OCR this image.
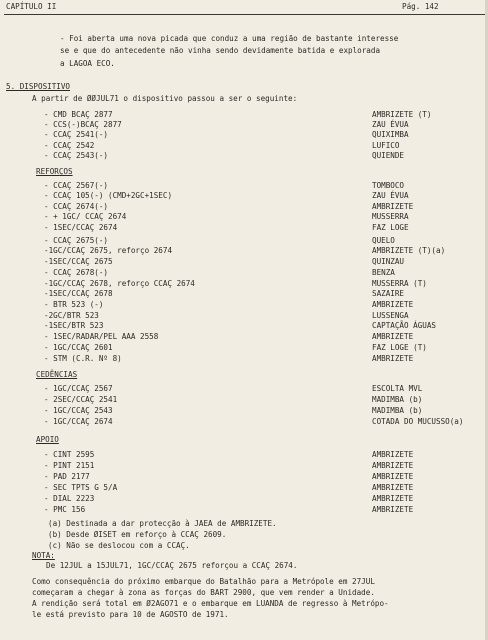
CAPÍTULO II	Pág. 142
- Foi aberta uma nova picada que conduz a uma região de bastante interesse
se e que do antecedente não vinha sendo devidamente batida e explorada
a LAGOA ECO.
5. DISPOSITIVO
A partir de ØØJUL71 o dispositivo passou a ser o seguinte:
- CMD BCAÇ 2877	AMBRIZETE (T)
- CCS(-)BCAÇ 2877	ZAU ÉVUA
- CCAÇ 2541(-)	QUIXIMBA
- CCAÇ 2542	LUFICO
- CCAÇ 2543(-)	QUIENDE
REFORÇOS
- CCAÇ 2567(-)	TOMBOCO
- CCAÇ 105(-) (CMD+2GC+1SEC)	ZAU ÉVUA
- CCAÇ 2674(-)	AMBRIZETE
- + 1GC/ CCAÇ 2674	MUSSERRA
- 1SEC/CCAÇ 2674	FAZ LOGE
- CCAÇ 2675(-)	QUELO
-1GC/CCAÇ 2675, reforço 2674	AMBRIZETE (T)(a)
-1SEC/CCAÇ 2675	QUINZAU
- CCAÇ 2678(-)	BENZA
-1GC/CCAÇ 2678, reforço CCAÇ 2674	MUSSERRA (T)
-1SEC/CCAÇ 2678	SAZAIRE
- BTR 523 (-)	AMBRIZETE
-2GC/BTR 523	LUSSENGA
-1SEC/BTR 523	CAPTAÇÃO ÁGUAS
- 1SEC/RADAR/PEL AAA 2558	AMBRIZETE
- 1GC/CCAÇ 2601	FAZ LOGE (T)
- STM (C.R. Nº 8)	AMBRIZETE
CEDÊNCIAS
- 1GC/CCAÇ 2567	ESCOLTA MVL
- 2SEC/CCAÇ 2541	MADIMBA (b)
- 1GC/CCAÇ 2543	MADIMBA (b)
- 1GC/CCAÇ 2674	COTADA DO MUCUSSO(a)
APOIO
- CINT 2595	AMBRIZETE
- PINT 2151	AMBRIZETE
- PAD 2177	AMBRIZETE
- SEC TPTS G 5/A	AMBRIZETE
- DIAL 2223	AMBRIZETE
- PMC 156	AMBRIZETE
(a) Destinada a dar protecção à JAEA de AMBRIZETE.
(b) Desde ØISET em reforço à CCAÇ 2609.
(c) Não se deslocou com a CCAÇ.
NOTA:
De 12JUL a 15JUL71, 1GC/CCAÇ 2675 reforçou a CCAÇ 2674.
Como consequência do próximo embarque do Batalhão para a Metrópole em 27JUL
começaram a chegar à zona as forças do BART 2900, que vem render a Unidade.
A rendição será total em Ø2AGO71 e o embarque em LUANDA de regresso à Metrópo-
le está previsto para 10 de AGOSTO de 1971.
